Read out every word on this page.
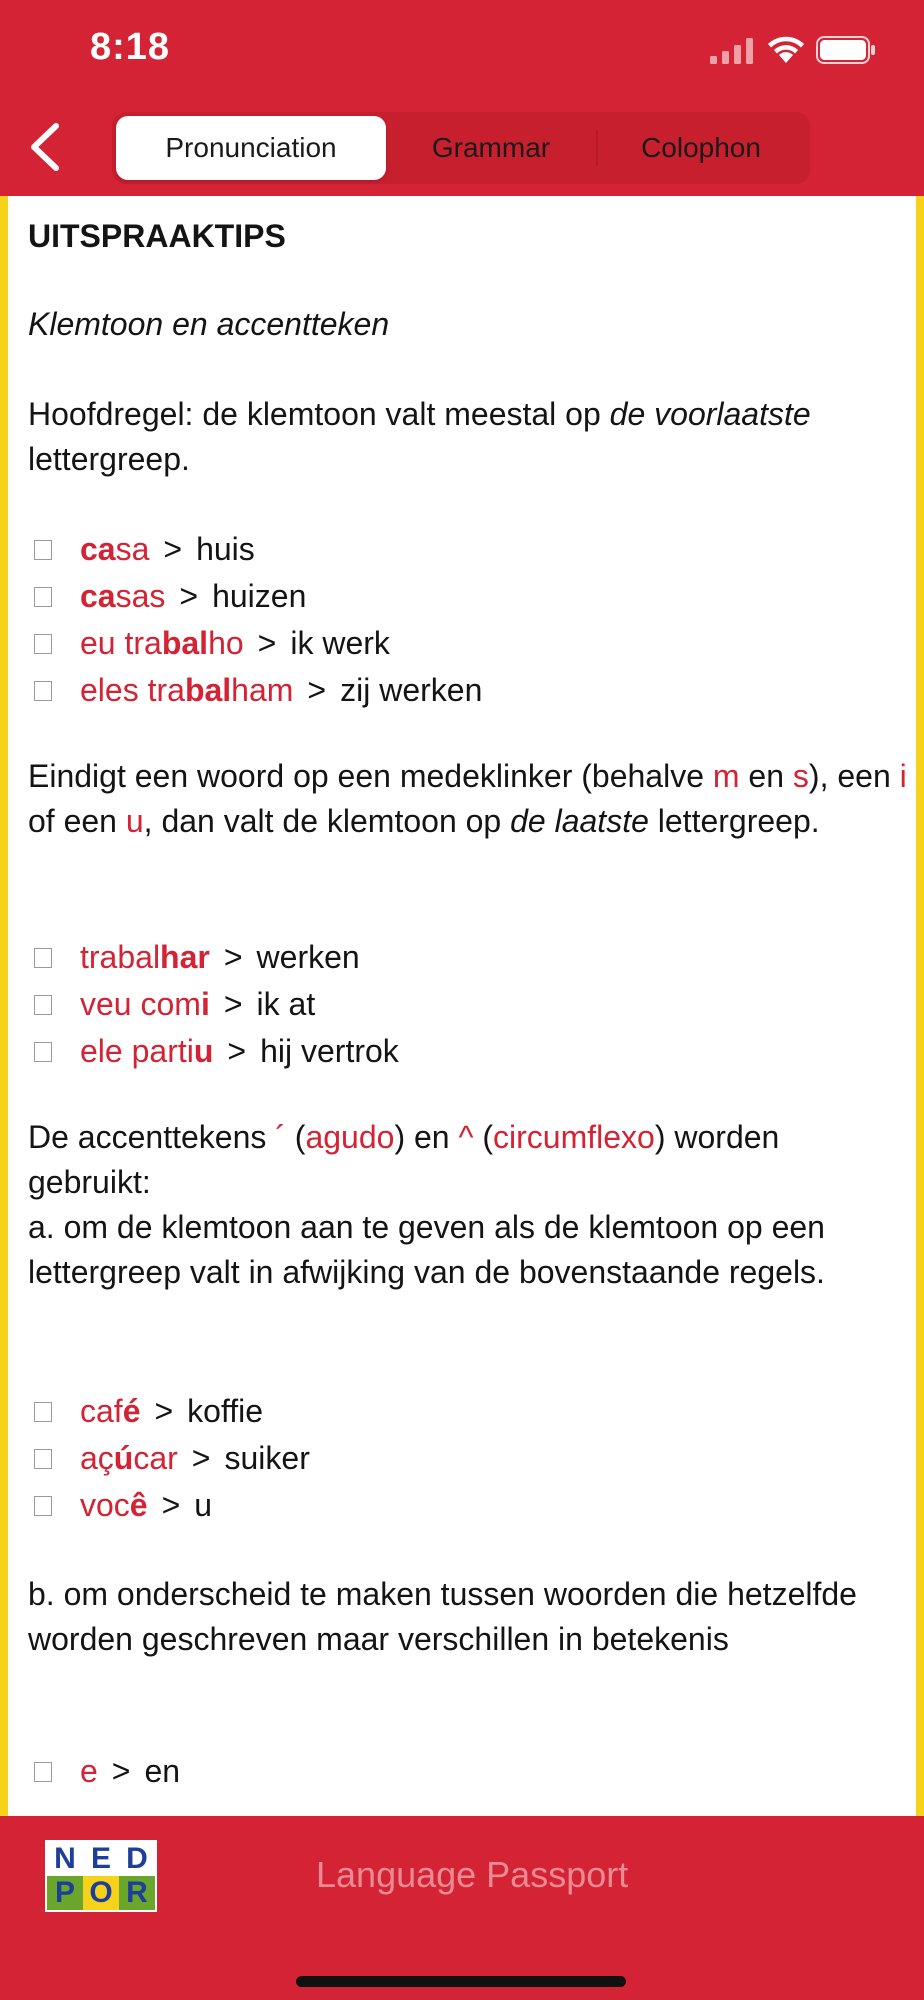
8:18
Pronunciation	Grammar	Colophon
UITSPRAAKTIPS
Klemtoon en accentteken
Hoofdregel: de klemtoon valt meestal op de voorlaatste lettergreep.
casa > huis
casas > huizen
eu trabalho > ik werk
eles trabalham > zij werken
Eindigt een woord op een medeklinker (behalve m en s), een i of een u, dan valt de klemtoon op de laatste lettergreep.
trabalhar > werken
veu comi > ik at
ele partiu > hij vertrok
De accenttekens ´ (agudo) en ^ (circumflexo) worden gebruikt:
a. om de klemtoon aan te geven als de klemtoon op een lettergreep valt in afwijking van de bovenstaande regels.
café > koffie
açúcar > suiker
você > u
b. om onderscheid te maken tussen woorden die hetzelfde worden geschreven maar verschillen in betekenis
e > en
N E D
P O R	Language Passport
